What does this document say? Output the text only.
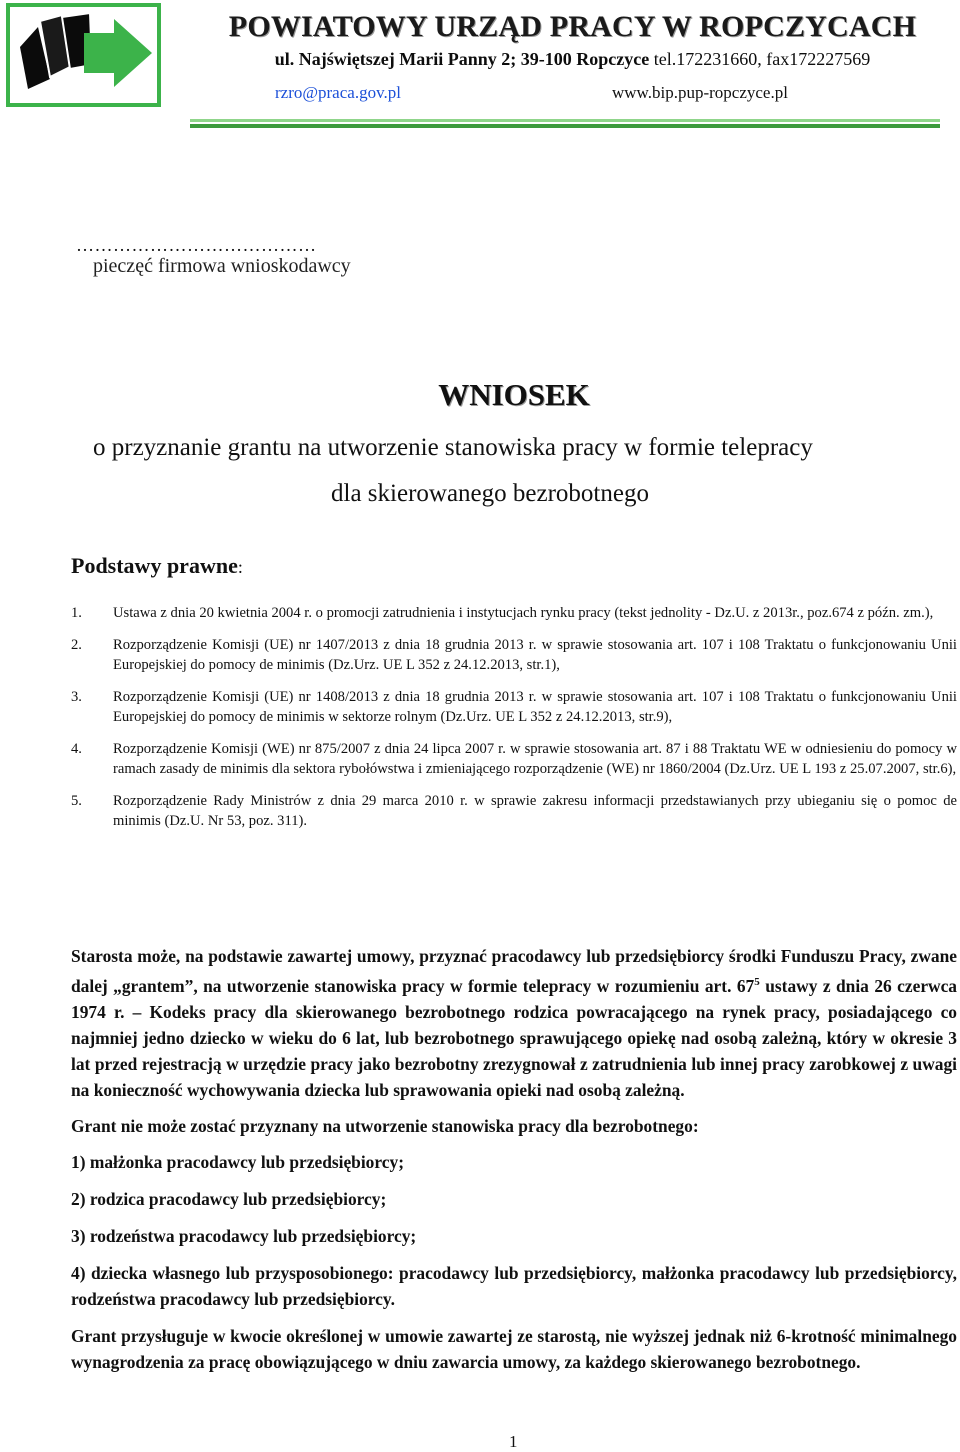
POWIATOWY URZĄD PRACY W ROPCZYCACH
ul. Najświętszej Marii Panny 2; 39-100 Ropczyce tel.172231660, fax172227569
rzro@praca.gov.pl	www.bip.pup-ropczyce.pl
…………………………………
pieczęć firmowa wnioskodawcy
WNIOSEK
o przyznanie grantu na utworzenie stanowiska pracy w formie telepracy
dla skierowanego bezrobotnego
Podstawy prawne:
1.	Ustawa z dnia 20 kwietnia 2004 r. o promocji zatrudnienia i instytucjach rynku pracy (tekst jednolity - Dz.U. z 2013r., poz.674 z późn. zm.),
2.	Rozporządzenie Komisji (UE) nr 1407/2013 z dnia 18 grudnia 2013 r. w sprawie stosowania art. 107 i 108 Traktatu o funkcjonowaniu Unii Europejskiej do pomocy de minimis (Dz.Urz. UE L 352 z 24.12.2013, str.1),
3.	Rozporządzenie Komisji (UE) nr 1408/2013 z dnia 18 grudnia 2013 r. w sprawie stosowania art. 107 i 108 Traktatu o funkcjonowaniu Unii Europejskiej do pomocy de minimis w sektorze rolnym (Dz.Urz. UE L 352 z 24.12.2013, str.9),
4.	Rozporządzenie Komisji (WE) nr 875/2007 z dnia 24 lipca 2007 r. w sprawie stosowania art. 87 i 88 Traktatu WE w odniesieniu do pomocy w ramach zasady de minimis dla sektora rybołówstwa i zmieniającego rozporządzenie (WE) nr 1860/2004 (Dz.Urz. UE L 193 z 25.07.2007, str.6),
5.	Rozporządzenie Rady Ministrów z dnia 29 marca 2010 r. w sprawie zakresu informacji przedstawianych przy ubieganiu się o pomoc de minimis (Dz.U. Nr 53, poz. 311).

Starosta może, na podstawie zawartej umowy, przyznać pracodawcy lub przedsiębiorcy środki Funduszu Pracy, zwane dalej „grantem”, na utworzenie stanowiska pracy w formie telepracy w rozumieniu art. $67^5$ ustawy z dnia 26 czerwca 1974 r. – Kodeks pracy dla skierowanego bezrobotnego rodzica powracającego na rynek pracy, posiadającego co najmniej jedno dziecko w wieku do 6 lat, lub bezrobotnego sprawującego opiekę nad osobą zależną, który w okresie 3 lat przed rejestracją w urzędzie pracy jako bezrobotny zrezygnował z zatrudnienia lub innej pracy zarobkowej z uwagi na konieczność wychowywania dziecka lub sprawowania opieki nad osobą zależną.

Grant nie może zostać przyznany na utworzenie stanowiska pracy dla bezrobotnego:

1) małżonka pracodawcy lub przedsiębiorcy;

2) rodzica pracodawcy lub przedsiębiorcy;

3) rodzeństwa pracodawcy lub przedsiębiorcy;

4) dziecka własnego lub przysposobionego: pracodawcy lub przedsiębiorcy, małżonka pracodawcy lub przedsiębiorcy, rodzeństwa pracodawcy lub przedsiębiorcy.

Grant przysługuje w kwocie określonej w umowie zawartej ze starostą, nie wyższej jednak niż 6-krotność minimalnego wynagrodzenia za pracę obowiązującego w dniu zawarcia umowy, za każdego skierowanego bezrobotnego.

1
